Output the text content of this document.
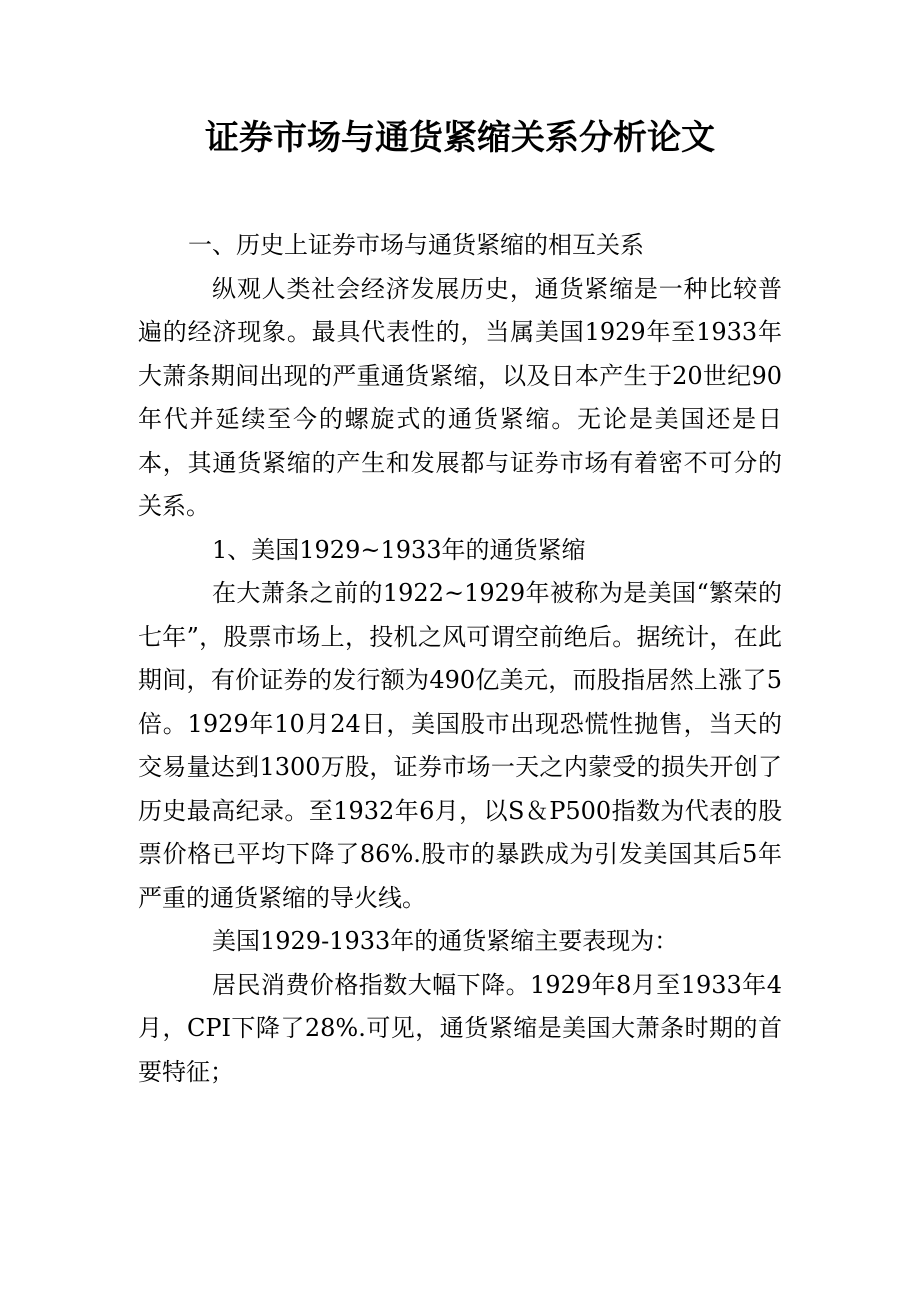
证券市场与通货紧缩关系分析论文

一、历史上证券市场与通货紧缩的相互关系

纵观人类社会经济发展历史，通货紧缩是一种比较普遍的经济现象。最具代表性的，当属美国1929年至1933年大萧条期间出现的严重通货紧缩，以及日本产生于20世纪90年代并延续至今的螺旋式的通货紧缩。无论是美国还是日本，其通货紧缩的产生和发展都与证券市场有着密不可分的关系。

1、美国1929~1933年的通货紧缩

在大萧条之前的1922~1929年被称为是美国“繁荣的七年”，股票市场上，投机之风可谓空前绝后。据统计，在此期间，有价证券的发行额为490亿美元，而股指居然上涨了5倍。1929年10月24日，美国股市出现恐慌性抛售，当天的交易量达到1300万股，证券市场一天之内蒙受的损失开创了历史最高纪录。至1932年6月，以S＆P500指数为代表的股票价格已平均下降了86%.股市的暴跌成为引发美国其后5年严重的通货紧缩的导火线。

美国1929-1933年的通货紧缩主要表现为：

居民消费价格指数大幅下降。1929年8月至1933年4月，CPI下降了28%.可见，通货紧缩是美国大萧条时期的首要特征；
